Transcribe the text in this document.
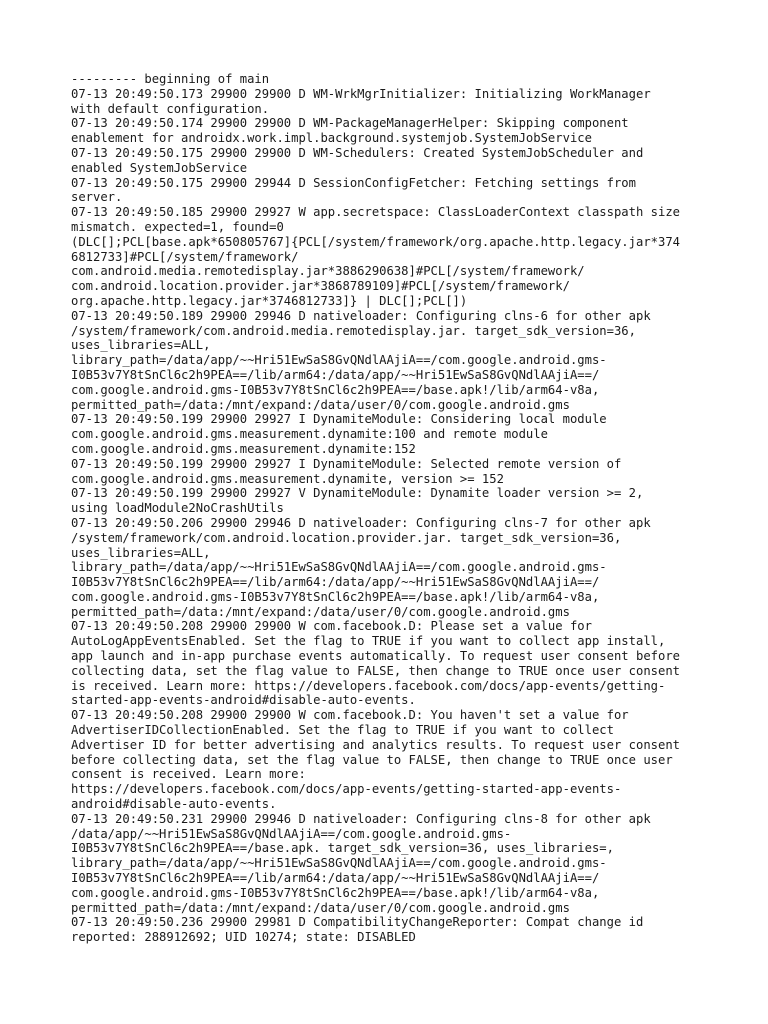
--------- beginning of main

07-13 20:49:50.173 29900 29900 D WM-WrkMgrInitializer: Initializing WorkManager

with default configuration.

07-13 20:49:50.174 29900 29900 D WM-PackageManagerHelper: Skipping component

enablement for androidx.work.impl.background.systemjob.SystemJobService

07-13 20:49:50.175 29900 29900 D WM-Schedulers: Created SystemJobScheduler and

enabled SystemJobService

07-13 20:49:50.175 29900 29944 D SessionConfigFetcher: Fetching settings from

server.

07-13 20:49:50.185 29900 29927 W app.secretspace: ClassLoaderContext classpath size

mismatch. expected=1, found=0

(DLC[];PCL[base.apk*650805767]{PCL[/system/framework/org.apache.http.legacy.jar*374

6812733]#PCL[/system/framework/

com.android.media.remotedisplay.jar*3886290638]#PCL[/system/framework/

com.android.location.provider.jar*3868789109]#PCL[/system/framework/

org.apache.http.legacy.jar*3746812733]} | DLC[];PCL[])

07-13 20:49:50.189 29900 29946 D nativeloader: Configuring clns-6 for other apk

/system/framework/com.android.media.remotedisplay.jar. target_sdk_version=36,

uses_libraries=ALL,

library_path=/data/app/~~Hri51EwSaS8GvQNdlAAjiA==/com.google.android.gms-

I0B53v7Y8tSnCl6c2h9PEA==/lib/arm64:/data/app/~~Hri51EwSaS8GvQNdlAAjiA==/

com.google.android.gms-I0B53v7Y8tSnCl6c2h9PEA==/base.apk!/lib/arm64-v8a,

permitted_path=/data:/mnt/expand:/data/user/0/com.google.android.gms

07-13 20:49:50.199 29900 29927 I DynamiteModule: Considering local module

com.google.android.gms.measurement.dynamite:100 and remote module

com.google.android.gms.measurement.dynamite:152

07-13 20:49:50.199 29900 29927 I DynamiteModule: Selected remote version of

com.google.android.gms.measurement.dynamite, version >= 152

07-13 20:49:50.199 29900 29927 V DynamiteModule: Dynamite loader version >= 2,

using loadModule2NoCrashUtils

07-13 20:49:50.206 29900 29946 D nativeloader: Configuring clns-7 for other apk

/system/framework/com.android.location.provider.jar. target_sdk_version=36,

uses_libraries=ALL,

library_path=/data/app/~~Hri51EwSaS8GvQNdlAAjiA==/com.google.android.gms-

I0B53v7Y8tSnCl6c2h9PEA==/lib/arm64:/data/app/~~Hri51EwSaS8GvQNdlAAjiA==/

com.google.android.gms-I0B53v7Y8tSnCl6c2h9PEA==/base.apk!/lib/arm64-v8a,

permitted_path=/data:/mnt/expand:/data/user/0/com.google.android.gms

07-13 20:49:50.208 29900 29900 W com.facebook.D: Please set a value for

AutoLogAppEventsEnabled. Set the flag to TRUE if you want to collect app install,

app launch and in-app purchase events automatically. To request user consent before

collecting data, set the flag value to FALSE, then change to TRUE once user consent

is received. Learn more: https://developers.facebook.com/docs/app-events/getting-

started-app-events-android#disable-auto-events.

07-13 20:49:50.208 29900 29900 W com.facebook.D: You haven't set a value for

AdvertiserIDCollectionEnabled. Set the flag to TRUE if you want to collect

Advertiser ID for better advertising and analytics results. To request user consent

before collecting data, set the flag value to FALSE, then change to TRUE once user

consent is received. Learn more:

https://developers.facebook.com/docs/app-events/getting-started-app-events-

android#disable-auto-events.

07-13 20:49:50.231 29900 29946 D nativeloader: Configuring clns-8 for other apk

/data/app/~~Hri51EwSaS8GvQNdlAAjiA==/com.google.android.gms-

I0B53v7Y8tSnCl6c2h9PEA==/base.apk. target_sdk_version=36, uses_libraries=,

library_path=/data/app/~~Hri51EwSaS8GvQNdlAAjiA==/com.google.android.gms-

I0B53v7Y8tSnCl6c2h9PEA==/lib/arm64:/data/app/~~Hri51EwSaS8GvQNdlAAjiA==/

com.google.android.gms-I0B53v7Y8tSnCl6c2h9PEA==/base.apk!/lib/arm64-v8a,

permitted_path=/data:/mnt/expand:/data/user/0/com.google.android.gms

07-13 20:49:50.236 29900 29981 D CompatibilityChangeReporter: Compat change id

reported: 288912692; UID 10274; state: DISABLED
